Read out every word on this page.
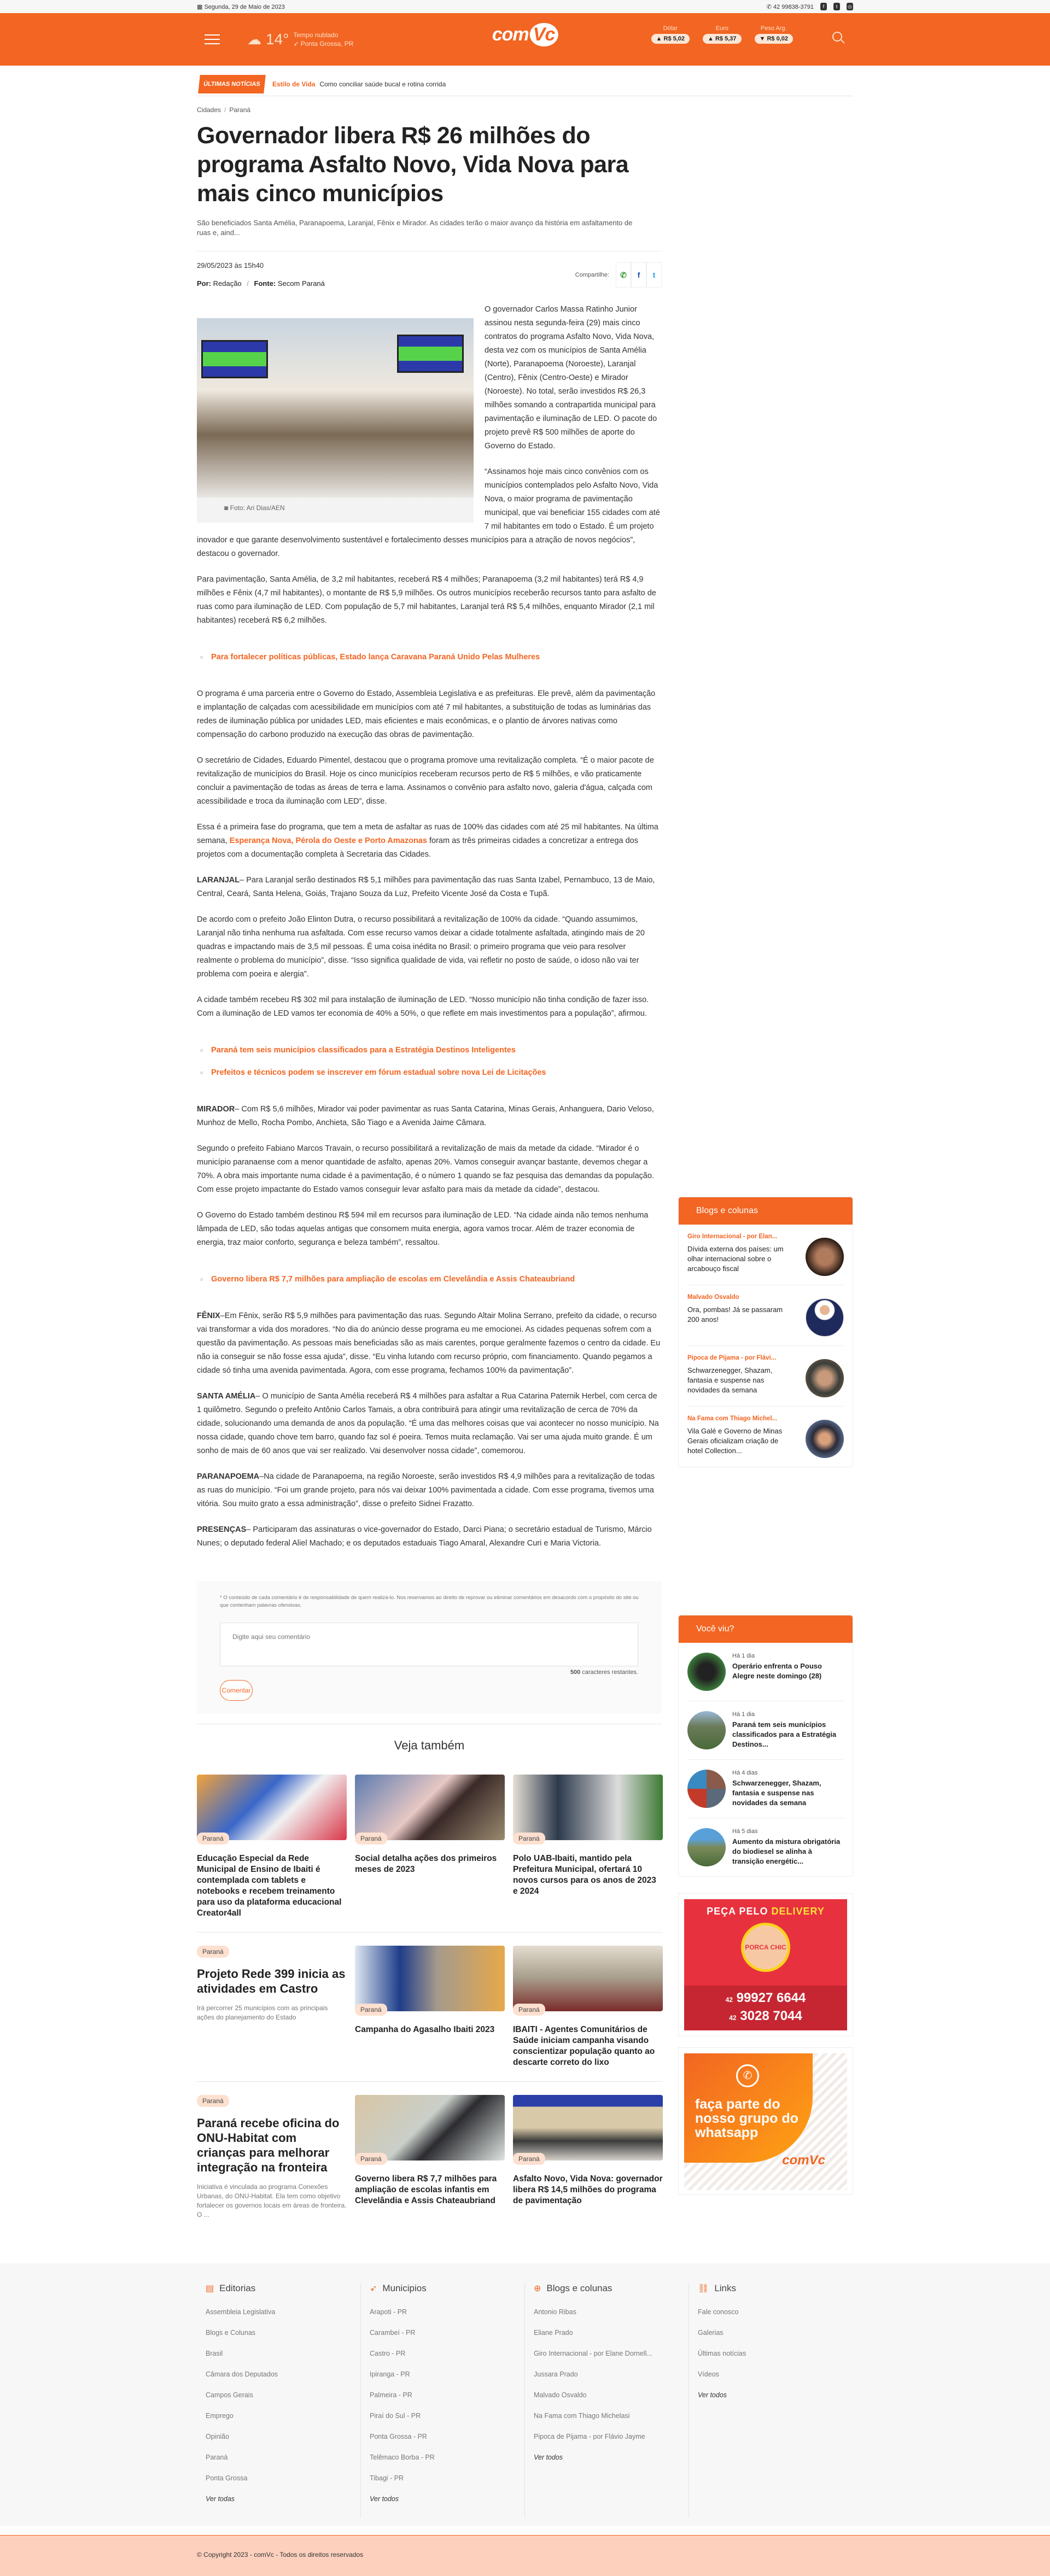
▦ Segunda, 29 de Maio de 2023	✆ 42 99838-3791	f	t	◎
☁ 14° Tempo nublado
➶ Ponta Grossa, PR	com Vc	Dólar
▲ R$ 5,02
Euro
▲ R$ 5,37
Peso Arg.
▼ R$ 0,02
ÚLTIMAS NOTÍCIAS	Estilo de Vida Como conciliar saúde bucal e rotina corrida
Cidades / Paraná
Governador libera R$ 26 milhões do programa Asfalto Novo, Vida Nova para mais cinco municípios
São beneficiados Santa Amélia, Paranapoema, Laranjal, Fênix e Mirador. As cidades terão o maior avanço da história em asfaltamento de ruas e, aind...
29/05/2023 às 15h40
Por: Redação / Fonte: Secom Paraná
Compartilhe:	✆	f	t
◙ Foto: Ari Dias/AEN

O governador Carlos Massa Ratinho Junior assinou nesta segunda-feira (29) mais cinco contratos do programa Asfalto Novo, Vida Nova, desta vez com os municípios de Santa Amélia (Norte), Paranapoema (Noroeste), Laranjal (Centro), Fênix (Centro-Oeste) e Mirador (Noroeste). No total, serão investidos R$ 26,3 milhões somando a contrapartida municipal para pavimentação e iluminação de LED. O pacote do projeto prevê R$ 500 milhões de aporte do Governo do Estado.

“Assinamos hoje mais cinco convênios com os municípios contemplados pelo Asfalto Novo, Vida Nova, o maior programa de pavimentação municipal, que vai beneficiar 155 cidades com até 7 mil habitantes em todo o Estado. É um projeto inovador e que garante desenvolvimento sustentável e fortalecimento desses municípios para a atração de novos negócios”, destacou o governador.

Para pavimentação, Santa Amélia, de 3,2 mil habitantes, receberá R$ 4 milhões; Paranapoema (3,2 mil habitantes) terá R$ 4,9 milhões e Fênix (4,7 mil habitantes), o montante de R$ 5,9 milhões. Os outros municípios receberão recursos tanto para asfalto de ruas como para iluminação de LED. Com população de 5,7 mil habitantes, Laranjal terá R$ 5,4 milhões, enquanto Mirador (2,1 mil habitantes) receberá R$ 6,2 milhões.

○ Para fortalecer políticas públicas, Estado lança Caravana Paraná Unido Pelas Mulheres

O programa é uma parceria entre o Governo do Estado, Assembleia Legislativa e as prefeituras. Ele prevê, além da pavimentação e implantação de calçadas com acessibilidade em municípios com até 7 mil habitantes, a substituição de todas as luminárias das redes de iluminação pública por unidades LED, mais eficientes e mais econômicas, e o plantio de árvores nativas como compensação do carbono produzido na execução das obras de pavimentação.

O secretário de Cidades, Eduardo Pimentel, destacou que o programa promove uma revitalização completa. “É o maior pacote de revitalização de municípios do Brasil. Hoje os cinco municípios receberam recursos perto de R$ 5 milhões, e vão praticamente concluir a pavimentação de todas as áreas de terra e lama. Assinamos o convênio para asfalto novo, galeria d'água, calçada com acessibilidade e troca da iluminação com LED”, disse.

Essa é a primeira fase do programa, que tem a meta de asfaltar as ruas de 100% das cidades com até 25 mil habitantes. Na última semana, Esperança Nova, Pérola do Oeste e Porto Amazonas foram as três primeiras cidades a concretizar a entrega dos projetos com a documentação completa à Secretaria das Cidades.

LARANJAL– Para Laranjal serão destinados R$ 5,1 milhões para pavimentação das ruas Santa Izabel, Pernambuco, 13 de Maio, Central, Ceará, Santa Helena, Goiás, Trajano Souza da Luz, Prefeito Vicente José da Costa e Tupã.

De acordo com o prefeito João Elinton Dutra, o recurso possibilitará a revitalização de 100% da cidade. “Quando assumimos, Laranjal não tinha nenhuma rua asfaltada. Com esse recurso vamos deixar a cidade totalmente asfaltada, atingindo mais de 20 quadras e impactando mais de 3,5 mil pessoas. É uma coisa inédita no Brasil: o primeiro programa que veio para resolver realmente o problema do município”, disse. “Isso significa qualidade de vida, vai refletir no posto de saúde, o idoso não vai ter problema com poeira e alergia”.

A cidade também recebeu R$ 302 mil para instalação de iluminação de LED. “Nosso município não tinha condição de fazer isso. Com a iluminação de LED vamos ter economia de 40% a 50%, o que reflete em mais investimentos para a população”, afirmou.

○ Paraná tem seis municípios classificados para a Estratégia Destinos Inteligentes
○ Prefeitos e técnicos podem se inscrever em fórum estadual sobre nova Lei de Licitações

MIRADOR– Com R$ 5,6 milhões, Mirador vai poder pavimentar as ruas Santa Catarina, Minas Gerais, Anhanguera, Dario Veloso, Munhoz de Mello, Rocha Pombo, Anchieta, São Tiago e a Avenida Jaime Câmara.

Segundo o prefeito Fabiano Marcos Travain, o recurso possibilitará a revitalização de mais da metade da cidade. “Mirador é o município paranaense com a menor quantidade de asfalto, apenas 20%. Vamos conseguir avançar bastante, devemos chegar a 70%. A obra mais importante numa cidade é a pavimentação, é o número 1 quando se faz pesquisa das demandas da população. Com esse projeto impactante do Estado vamos conseguir levar asfalto para mais da metade da cidade”, destacou.

O Governo do Estado também destinou R$ 594 mil em recursos para iluminação de LED. “Na cidade ainda não temos nenhuma lâmpada de LED, são todas aquelas antigas que consomem muita energia, agora vamos trocar. Além de trazer economia de energia, traz maior conforto, segurança e beleza também”, ressaltou.

○ Governo libera R$ 7,7 milhões para ampliação de escolas em Clevelândia e Assis Chateaubriand

FÊNIX–Em Fênix, serão R$ 5,9 milhões para pavimentação das ruas. Segundo Altair Molina Serrano, prefeito da cidade, o recurso vai transformar a vida dos moradores. “No dia do anúncio desse programa eu me emocionei. As cidades pequenas sofrem com a questão da pavimentação. As pessoas mais beneficiadas são as mais carentes, porque geralmente fazemos o centro da cidade. Eu não ia conseguir se não fosse essa ajuda”, disse. “Eu vinha lutando com recurso próprio, com financiamento. Quando pegamos a cidade só tinha uma avenida pavimentada. Agora, com esse programa, fechamos 100% da pavimentação”.

SANTA AMÉLIA– O município de Santa Amélia receberá R$ 4 milhões para asfaltar a Rua Catarina Paternik Herbel, com cerca de 1 quilômetro. Segundo o prefeito Antônio Carlos Tamais, a obra contribuirá para atingir uma revitalização de cerca de 70% da cidade, solucionando uma demanda de anos da população. “É uma das melhores coisas que vai acontecer no nosso município. Na nossa cidade, quando chove tem barro, quando faz sol é poeira. Temos muita reclamação. Vai ser uma ajuda muito grande. É um sonho de mais de 60 anos que vai ser realizado. Vai desenvolver nossa cidade”, comemorou.

PARANAPOEMA–Na cidade de Paranapoema, na região Noroeste, serão investidos R$ 4,9 milhões para a revitalização de todas as ruas do município. “Foi um grande projeto, para nós vai deixar 100% pavimentada a cidade. Com esse programa, tivemos uma vitória. Sou muito grato a essa administração”, disse o prefeito Sidnei Frazatto.

PRESENÇAS– Participaram das assinaturas o vice-governador do Estado, Darci Piana; o secretário estadual de Turismo, Márcio Nunes; o deputado federal Aliel Machado; e os deputados estaduais Tiago Amaral, Alexandre Curi e Maria Victoria.

* O conteúdo de cada comentário é de responsabilidade de quem realizá-lo. Nos reservamos ao direito de reprovar ou eliminar comentários em desacordo com o propósito do site ou que contenham palavras ofensivas.
Digite aqui seu comentário
500 caracteres restantes.
Comentar
Veja também
Paraná
Educação Especial da Rede Municipal de Ensino de Ibaiti é contemplada com tablets e notebooks e recebem treinamento para uso da plataforma educacional Creator4all
Paraná
Social detalha ações dos primeiros meses de 2023
Paraná
Polo UAB-Ibaiti, mantido pela Prefeitura Municipal, ofertará 10 novos cursos para os anos de 2023 e 2024
Paraná
Projeto Rede 399 inicia as atividades em Castro
Irá percorrer 25 municípios com as principais ações do planejamento do Estado
Paraná
Campanha do Agasalho Ibaiti 2023
Paraná
IBAITI - Agentes Comunitários de Saúde iniciam campanha visando conscientizar população quanto ao descarte correto do lixo
Paraná
Paraná recebe oficina do ONU-Habitat com crianças para melhorar integração na fronteira
Iniciativa é vinculada ao programa Conexões Urbanas, do ONU-Habitat. Ela tem como objetivo fortalecer os governos locais em áreas de fronteira. O ...
Paraná
Governo libera R$ 7,7 milhões para ampliação de escolas infantis em Clevelândia e Assis Chateaubriand
Paraná
Asfalto Novo, Vida Nova: governador libera R$ 14,5 milhões do programa de pavimentação
Blogs e colunas
Giro Internacional - por Elan...
Dívida externa dos países: um olhar internacional sobre o arcabouço fiscal
Malvado Osvaldo
Ora, pombas! Já se passaram 200 anos!
Pipoca de Pijama - por Flávi...
Schwarzenegger, Shazam, fantasia e suspense nas novidades da semana
Na Fama com Thiago Michel...
Vila Galé e Governo de Minas Gerais oficializam criação de hotel Collection...
Você viu?
Há 1 dia
Operário enfrenta o Pouso Alegre neste domingo (28)
Há 1 dia
Paraná tem seis municípios classificados para a Estratégia Destinos...
Há 4 dias
Schwarzenegger, Shazam, fantasia e suspense nas novidades da semana
Há 5 dias
Aumento da mistura obrigatória do biodiesel se alinha à transição energétic...
PEÇA PELO DELIVERY
PORCA CHIC
42 99927 6644
42 3028 7044
✆
faça parte do nosso grupo do whatsapp
comVc
▤ Editorias
Assembleia Legislativa
Blogs e Colunas
Brasil
Câmara dos Deputados
Campos Gerais
Emprego
Opinião
Paraná
Ponta Grossa
Ver todas
➶ Municipios
Arapoti - PR
Carambeí - PR
Castro - PR
Ipiranga - PR
Palmeira - PR
Piraí do Sul - PR
Ponta Grossa - PR
Telêmaco Borba - PR
Tibagi - PR
Ver todos
⊕ Blogs e colunas
Antonio Ribas
Eliane Prado
Giro Internacional - por Elane Dornell...
Jussara Prado
Malvado Osvaldo
Na Fama com Thiago Michelasi
Pipoca de Pijama - por Flávio Jayme
Ver todos
⛓ Links
Fale conosco
Galerias
Últimas notícias
Vídeos
Ver todos
© Copyright 2023 - comVc - Todos os direitos reservados
